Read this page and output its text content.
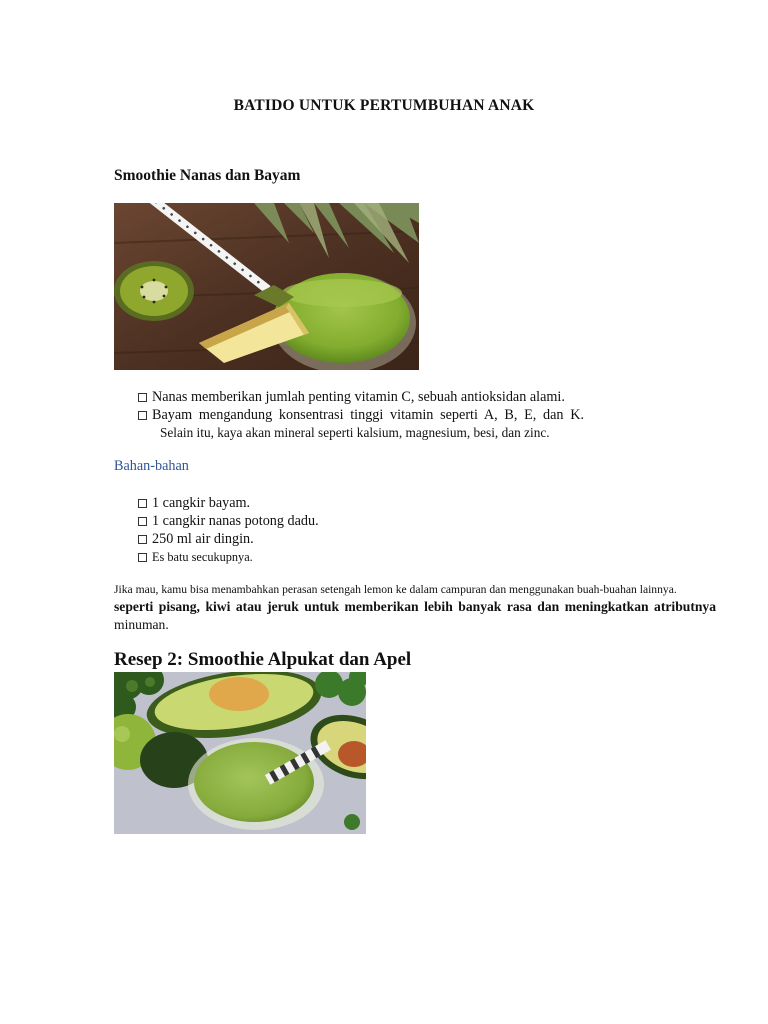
BATIDO UNTUK PERTUMBUHAN ANAK
Smoothie Nanas dan Bayam
Nanas memberikan jumlah penting vitamin C, sebuah antioksidan alami.
Bayam mengandung konsentrasi tinggi vitamin seperti A, B, E, dan K.
Selain itu, kaya akan mineral seperti kalsium, magnesium, besi, dan zinc.
Bahan-bahan
1 cangkir bayam.
1 cangkir nanas potong dadu.
250 ml air dingin.
Es batu secukupnya.
Jika mau, kamu bisa menambahkan perasan setengah lemon ke dalam campuran dan menggunakan buah-buahan lainnya.
seperti pisang, kiwi atau jeruk untuk memberikan lebih banyak rasa dan meningkatkan atributnya
minuman.
Resep 2: Smoothie Alpukat dan Apel
